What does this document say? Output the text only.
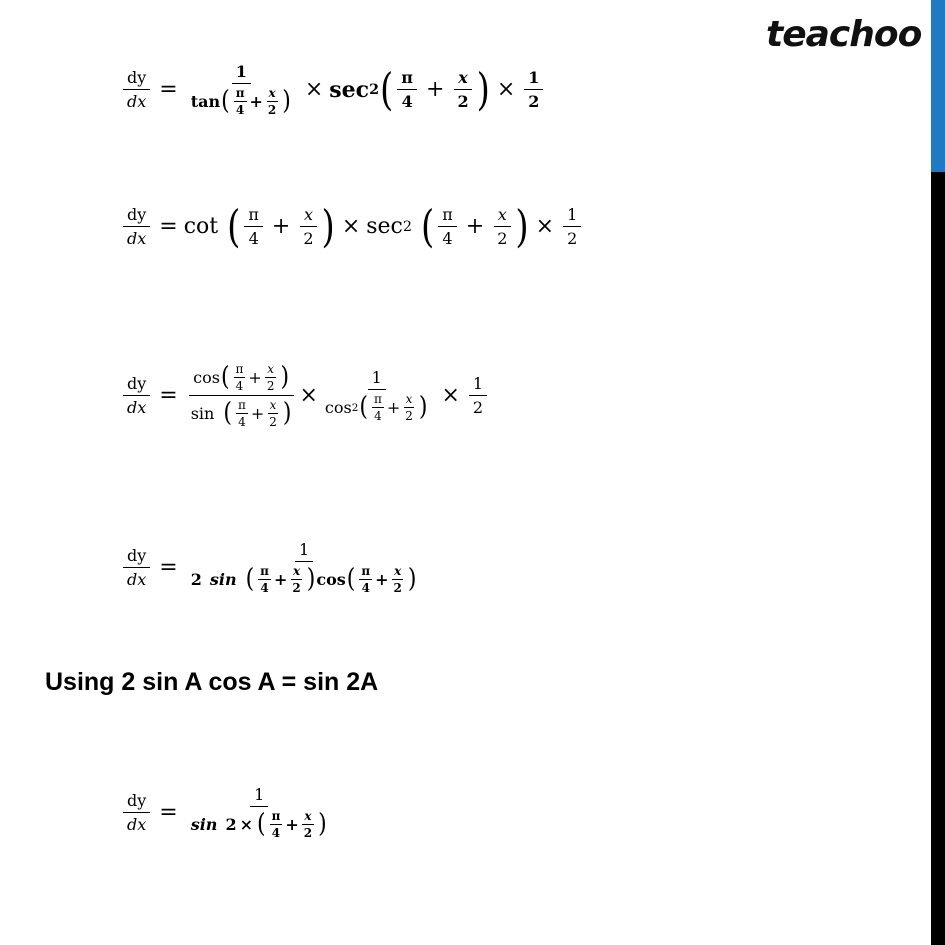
teachoo
$\frac{dy}{dx} = \frac{1}{\tan ( \frac{\pi}{4} + \frac{x}{2} )} \times \sec 2$ ( $\frac{\pi}{4} + \frac{x}{2}$ ) × $\frac{1}{2}$
$\frac{dy}{dx} = \cot$ ( $\frac{\pi}{4} + \frac{x}{2}$ ) × sec 2 ( $\frac{\pi}{4} + \frac{x}{2}$ ) × $\frac{1}{2}$
$\frac{dy}{dx} = \frac{\cos ( \frac{\pi}{4} + \frac{x}{2} )}{\sin ( \frac{\pi}{4} + \frac{x}{2} )} \times \frac{1}{\cos 2 ( \frac{\pi}{4} + \frac{x}{2} )} \times \frac{1}{2}$
$\frac{dy}{dx} = \frac{1}{2 \sin ( \frac{\pi}{4} + \frac{x}{2} ) \cos ( \frac{\pi}{4} + \frac{x}{2} )}$
Using 2 sin A cos A = sin 2A
$\frac{dy}{dx} = \frac{1}{\sin 2 \times ( \frac{\pi}{4} + \frac{x}{2} )}$
